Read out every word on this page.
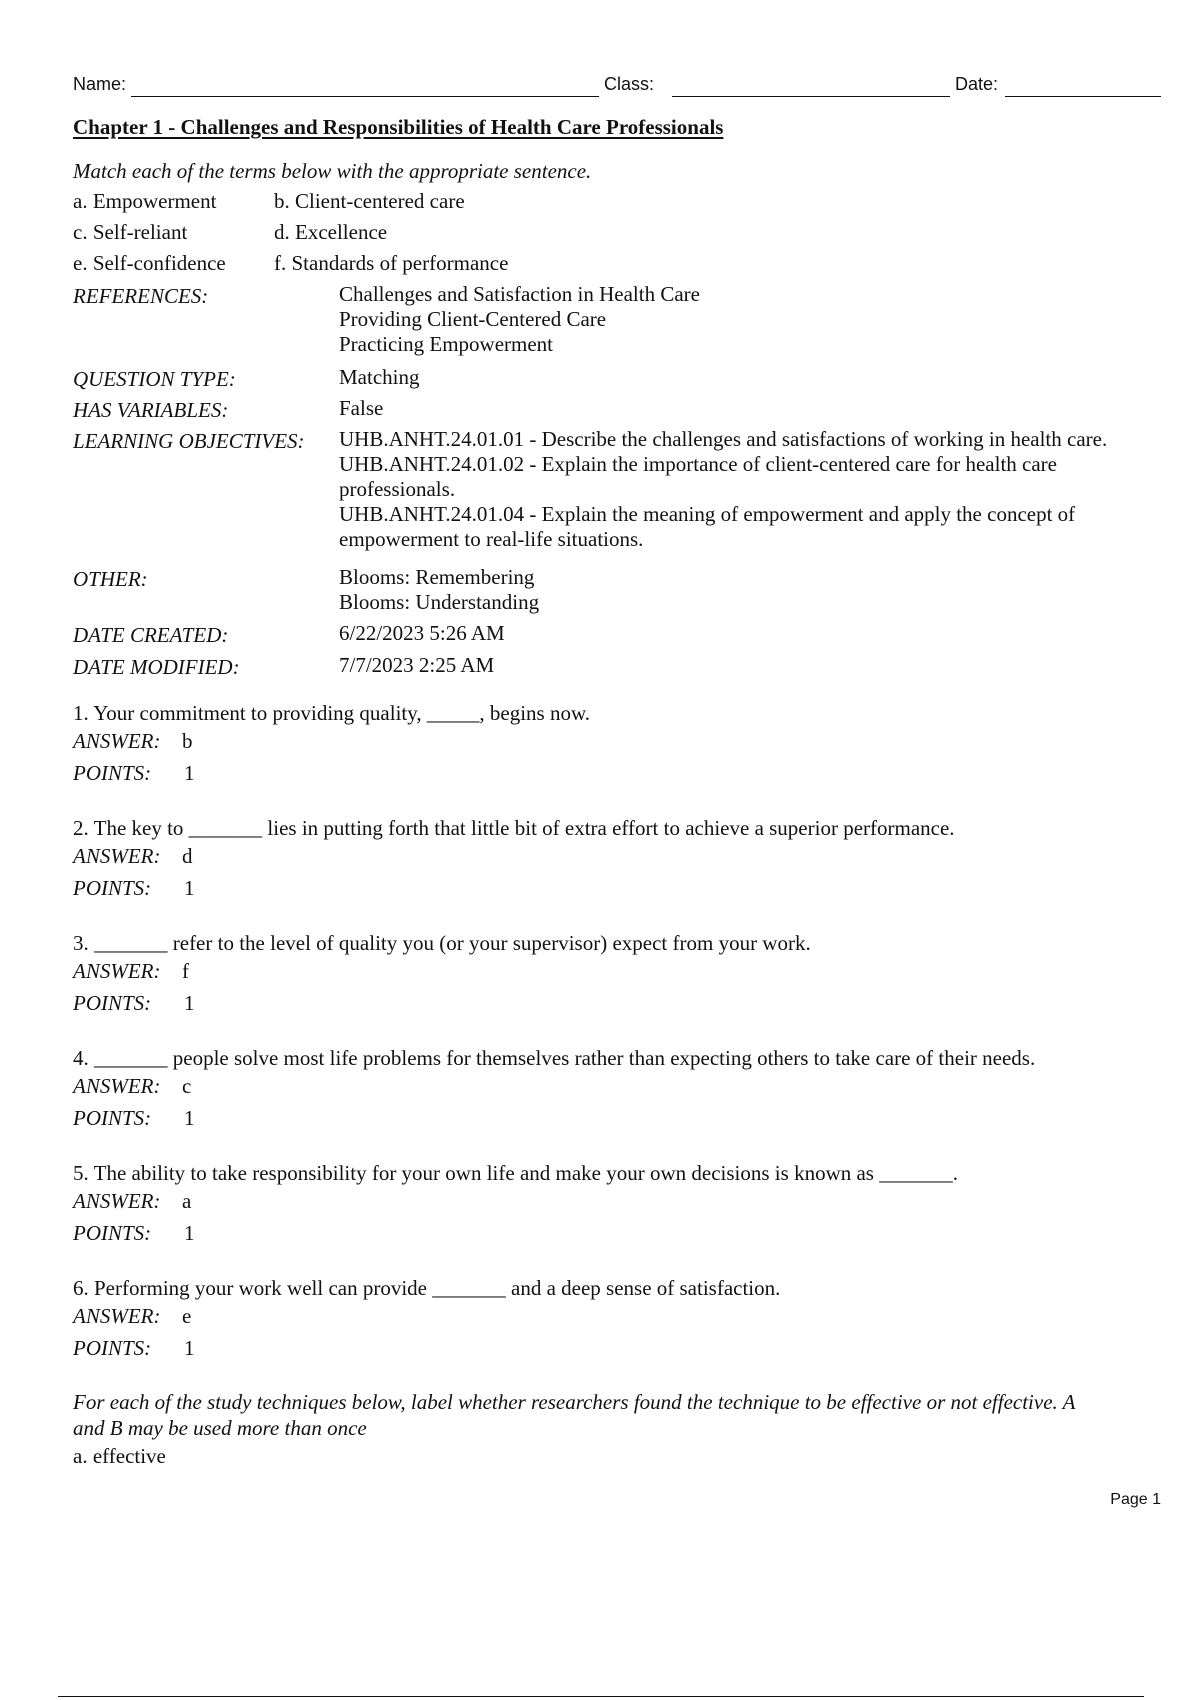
Name:	Class:	Date:
Chapter 1 - Challenges and Responsibilities of Health Care Professionals
Match each of the terms below with the appropriate sentence.
a. Empowerment	b. Client-centered care
c. Self-reliant	d. Excellence
e. Self-confidence f. Standards of performance
REFERENCES:	Challenges and Satisfaction in Health Care
Providing Client-Centered Care
Practicing Empowerment
QUESTION TYPE:	Matching
HAS VARIABLES:	False
LEARNING OBJECTIVES: UHB.ANHT.24.01.01 - Describe the challenges and satisfactions of working in health care.
UHB.ANHT.24.01.02 - Explain the importance of client-centered care for health care
professionals.
UHB.ANHT.24.01.04 - Explain the meaning of empowerment and apply the concept of
empowerment to real-life situations.
OTHER:	Blooms: Remembering
Blooms: Understanding
DATE CREATED:	6/22/2023 5:26 AM
DATE MODIFIED:	7/7/2023 2:25 AM
1. Your commitment to providing quality, _____, begins now.
ANSWER: b
POINTS: 1
2. The key to _______ lies in putting forth that little bit of extra effort to achieve a superior performance.
ANSWER: d
POINTS: 1
3. _______ refer to the level of quality you (or your supervisor) expect from your work.
ANSWER: f
POINTS: 1
4. _______ people solve most life problems for themselves rather than expecting others to take care of their needs.
ANSWER: c
POINTS: 1
5. The ability to take responsibility for your own life and make your own decisions is known as _______.
ANSWER: a
POINTS: 1
6. Performing your work well can provide _______ and a deep sense of satisfaction.
ANSWER: e
POINTS: 1
For each of the study techniques below, label whether researchers found the technique to be effective or not effective. A
and B may be used more than once
a. effective
Page 1
